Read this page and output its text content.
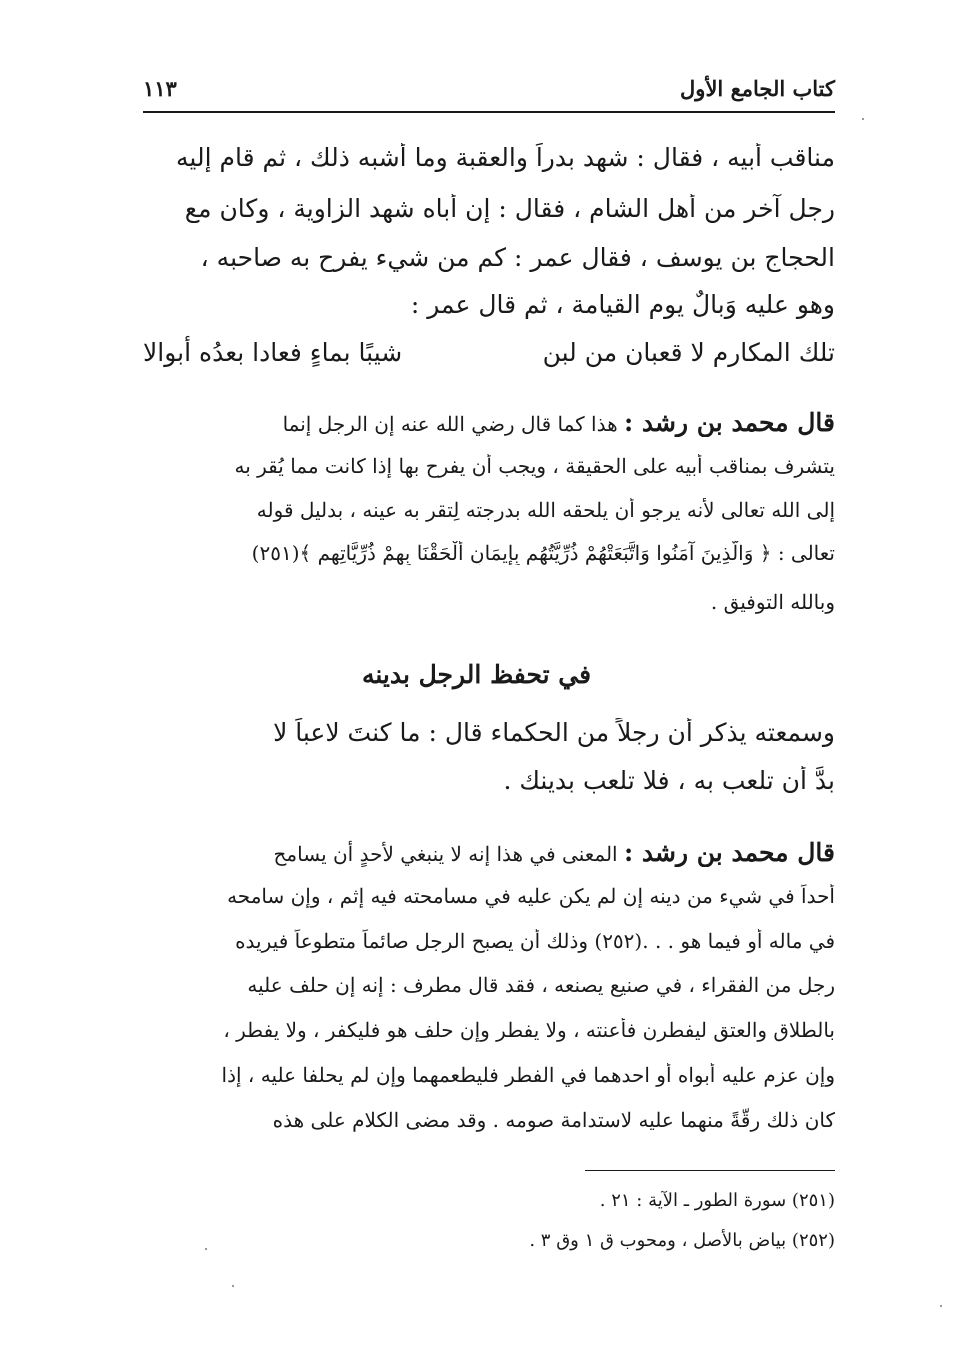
كتاب الجامع الأول
١١٣
مناقب أبيه ، فقال : شهد بدراً والعقبة وما أشبه ذلك ، ثم قام إليه
رجل آخر من أهل الشام ، فقال : إن أباه شهد الزاوية ، وكان مع
الحجاج بن يوسف ، فقال عمر : كم من شيء يفرح به صاحبه ،
وهو عليه وَبالٌ يوم القيامة ، ثم قال عمر :
تلك المكارم لا قعبان من لبن
شيبًا بماءٍ فعادا بعدُه أبوالا
قال محمد بن رشد : هذا كما قال رضي الله عنه إن الرجل إنما
يتشرف بمناقب أبيه على الحقيقة ، ويجب أن يفرح بها إذا كانت مما يُقر به
إلى الله تعالى لأنه يرجو أن يلحقه الله بدرجته لِتقر به عينه ، بدليل قوله
تعالى : ﴿ وَالَّذِينَ آمَنُوا وَاتَّبَعَتْهُمْ ذُرِّيَّتُهُم بِإِيمَانٍ أَلْحَقْنَا بِهِمْ ذُرِّيَّاتِهِم ﴾(٢٥١)
وبالله التوفيق .
في تحفظ الرجل بدينه
وسمعته يذكر أن رجلاً من الحكماء قال : ما كنتَ لاعباً لا
بدَّ أن تلعب به ، فلا تلعب بدينك .
قال محمد بن رشد : المعنى في هذا إنه لا ينبغي لأحدٍ أن يسامح
أحداً في شيء من دينه إن لم يكن عليه في مسامحته فيه إثم ، وإن سامحه
في ماله أو فيما هو . . .(٢٥٢) وذلك أن يصبح الرجل صائماً متطوعاً فيريده
رجل من الفقراء ، في صنيع يصنعه ، فقد قال مطرف : إنه إن حلف عليه
بالطلاق والعتق ليفطرن فأعنته ، ولا يفطر وإن حلف هو فليكفر ، ولا يفطر ،
وإن عزم عليه أبواه أو احدهما في الفطر فليطعمهما وإن لم يحلفا عليه ، إذا
كان ذلك رِقَّةً منهما عليه لاستدامة صومه . وقد مضى الكلام على هذه
(٢٥١) سورة الطور ـ الآية : ٢١ .
(٢٥٢) بياض بالأصل ، ومحوب ق ١ وق ٣ .
